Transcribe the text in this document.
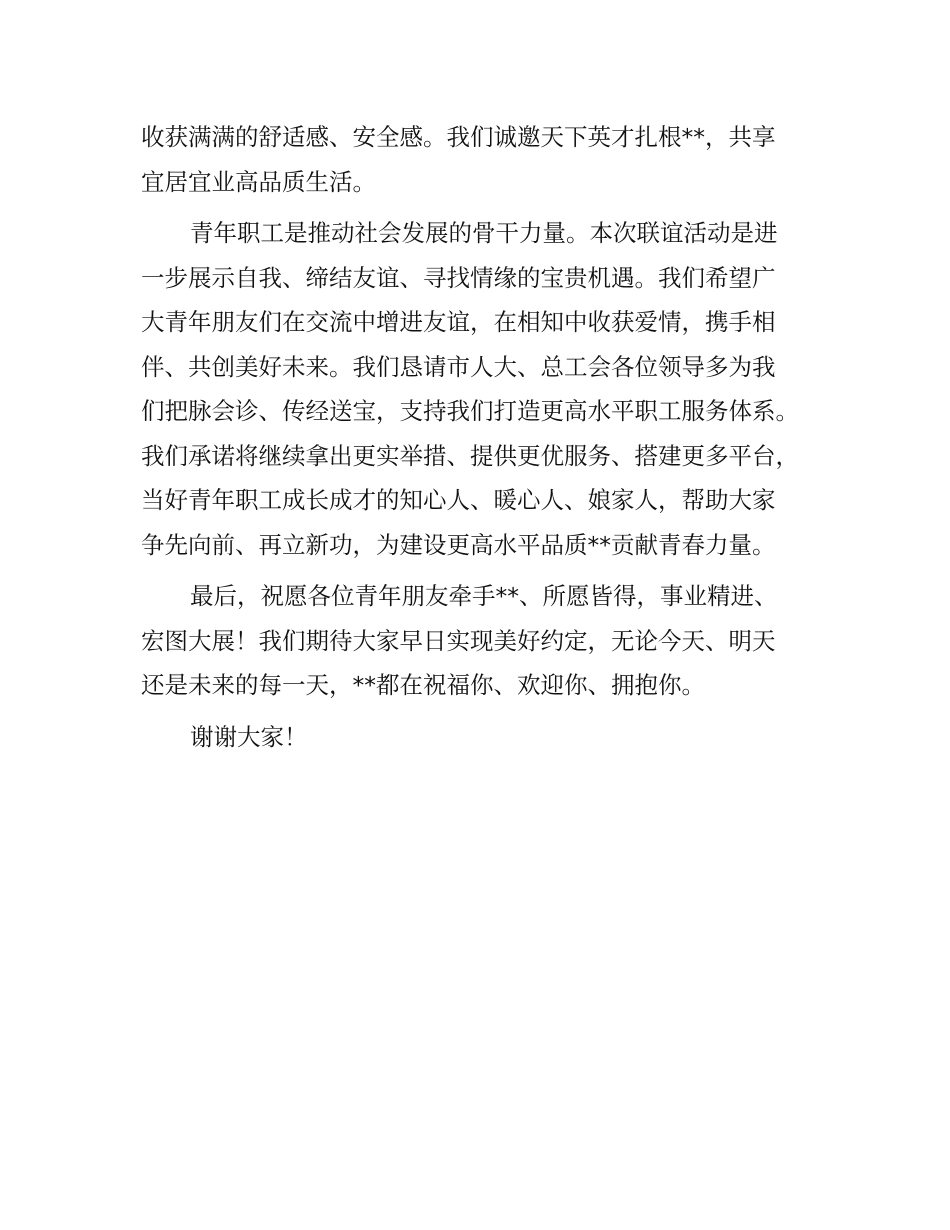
收获满满的舒适感、安全感。我们诚邀天下英才扎根**，共享
宜居宜业高品质生活。

青年职工是推动社会发展的骨干力量。本次联谊活动是进
一步展示自我、缔结友谊、寻找情缘的宝贵机遇。我们希望广
大青年朋友们在交流中增进友谊，在相知中收获爱情，携手相
伴、共创美好未来。我们恳请市人大、总工会各位领导多为我
们把脉会诊、传经送宝，支持我们打造更高水平职工服务体系。
我们承诺将继续拿出更实举措、提供更优服务、搭建更多平台，
当好青年职工成长成才的知心人、暖心人、娘家人，帮助大家
争先向前、再立新功，为建设更高水平品质**贡献青春力量。

最后，祝愿各位青年朋友牵手**、所愿皆得，事业精进、
宏图大展！我们期待大家早日实现美好约定，无论今天、明天
还是未来的每一天，**都在祝福你、欢迎你、拥抱你。

谢谢大家！
